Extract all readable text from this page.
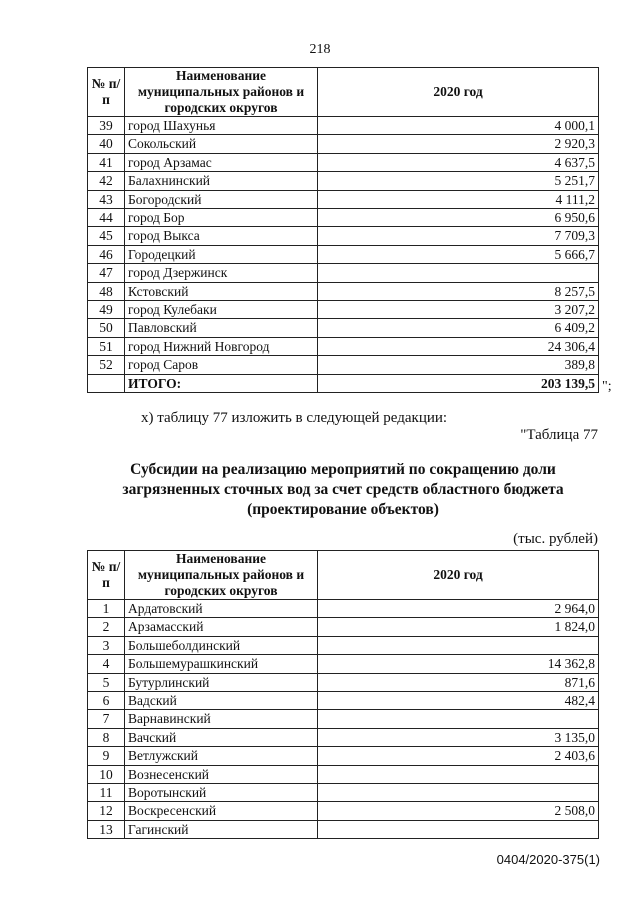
218
№ п/п	Наименование муниципальных районов и городских округов	2020 год
39	город Шахунья	4 000,1
40	Сокольский	2 920,3
41	город Арзамас	4 637,5
42	Балахнинский	5 251,7
43	Богородский	4 111,2
44	город Бор	6 950,6
45	город Выкса	7 709,3
46	Городецкий	5 666,7
47	город Дзержинск	
48	Кстовский	8 257,5
49	город Кулебаки	3 207,2
50	Павловский	6 409,2
51	город Нижний Новгород	24 306,4
52	город Саров	389,8
	ИТОГО:	203 139,5 ";
х) таблицу 77 изложить в следующей редакции:
"Таблица 77
Субсидии на реализацию мероприятий по сокращению доли загрязненных сточных вод за счет средств областного бюджета (проектирование объектов)
(тыс. рублей)
№ п/п	Наименование муниципальных районов и городских округов	2020 год
1	Ардатовский	2 964,0
2	Арзамасский	1 824,0
3	Большеболдинский	
4	Большемурашкинский	14 362,8
5	Бутурлинский	871,6
6	Вадский	482,4
7	Варнавинский	
8	Вачский	3 135,0
9	Ветлужский	2 403,6
10	Вознесенский	
11	Воротынский	
12	Воскресенский	2 508,0
13	Гагинский	
0404/2020-375(1)
